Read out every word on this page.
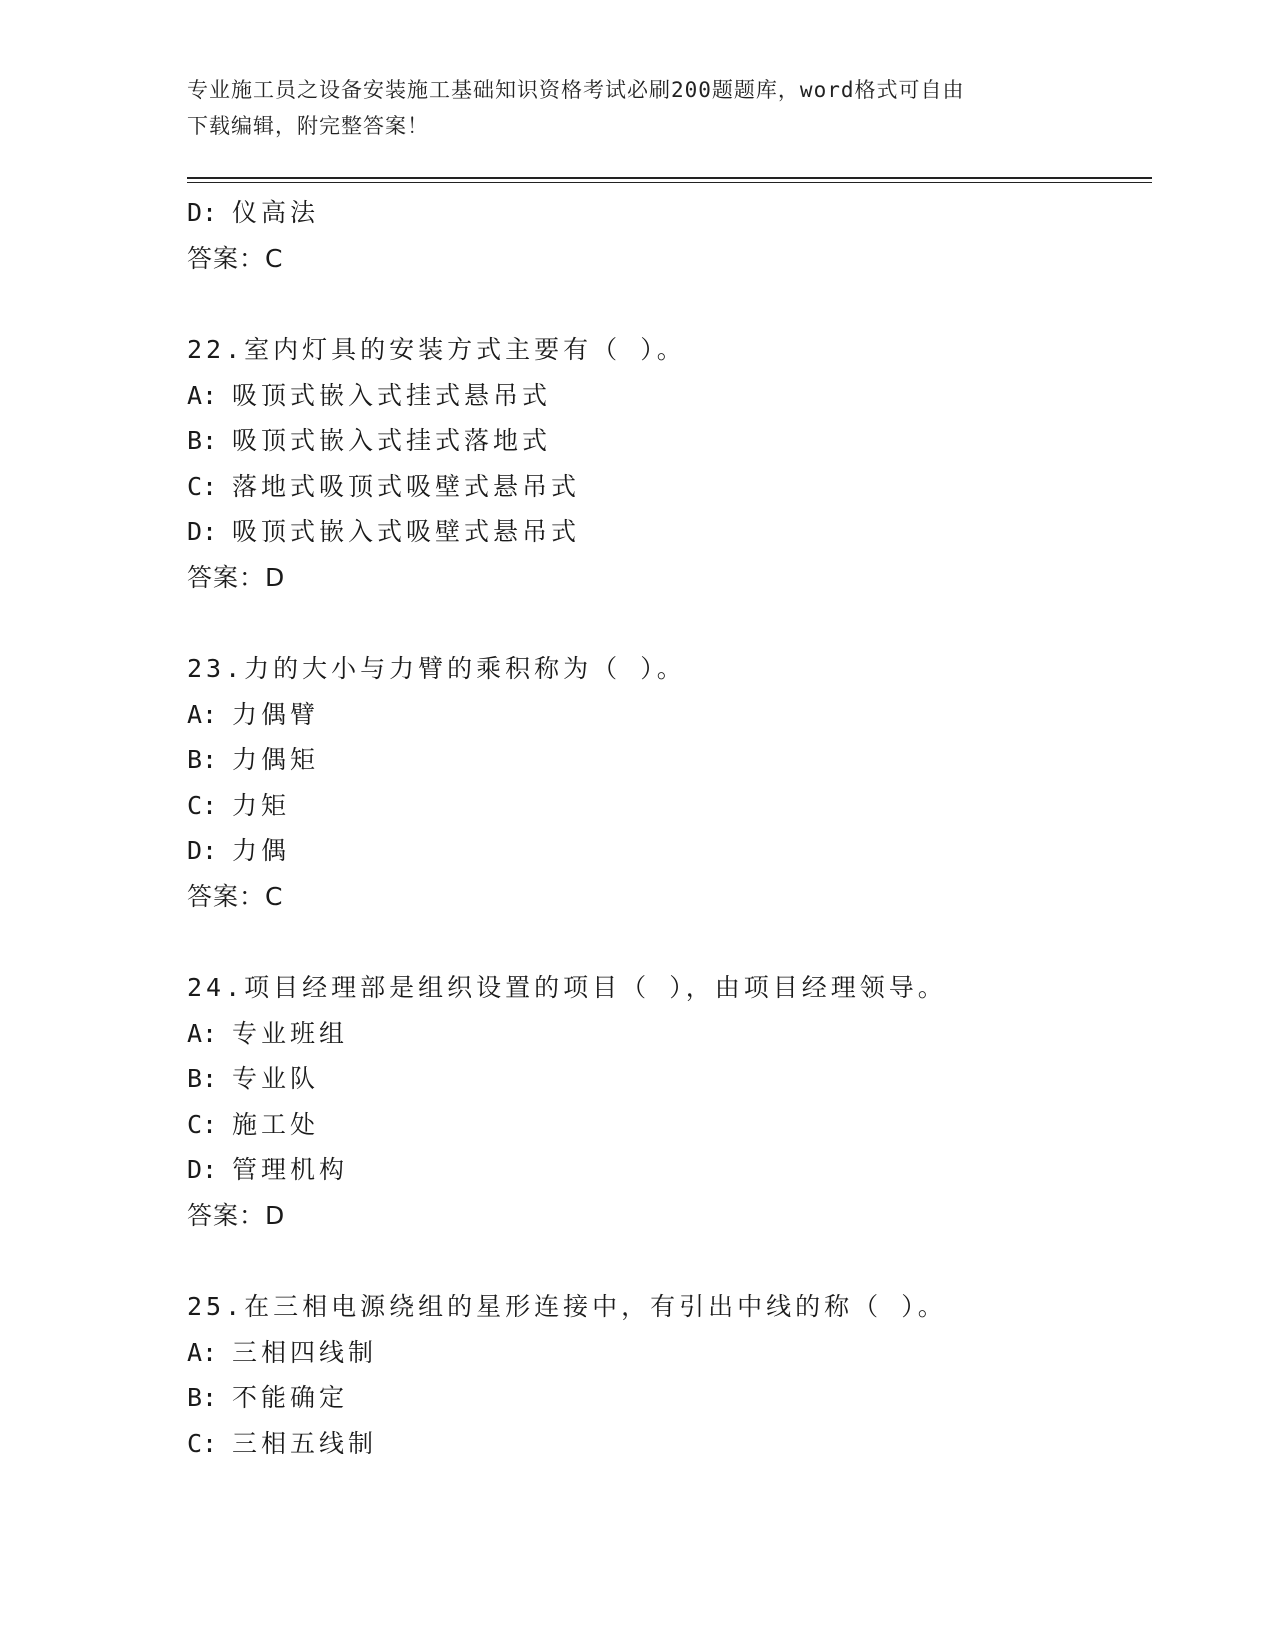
专业施工员之设备安装施工基础知识资格考试必刷200题题库，word格式可自由
下载编辑，附完整答案！
D: 仪高法
答案：C
22.室内灯具的安装方式主要有（ ）。
A: 吸顶式嵌入式挂式悬吊式
B: 吸顶式嵌入式挂式落地式
C: 落地式吸顶式吸壁式悬吊式
D: 吸顶式嵌入式吸壁式悬吊式
答案：D
23.力的大小与力臂的乘积称为（ ）。
A: 力偶臂
B: 力偶矩
C: 力矩
D: 力偶
答案：C
24.项目经理部是组织设置的项目（ ），由项目经理领导。
A: 专业班组
B: 专业队
C: 施工处
D: 管理机构
答案：D
25.在三相电源绕组的星形连接中，有引出中线的称（ ）。
A: 三相四线制
B: 不能确定
C: 三相五线制
